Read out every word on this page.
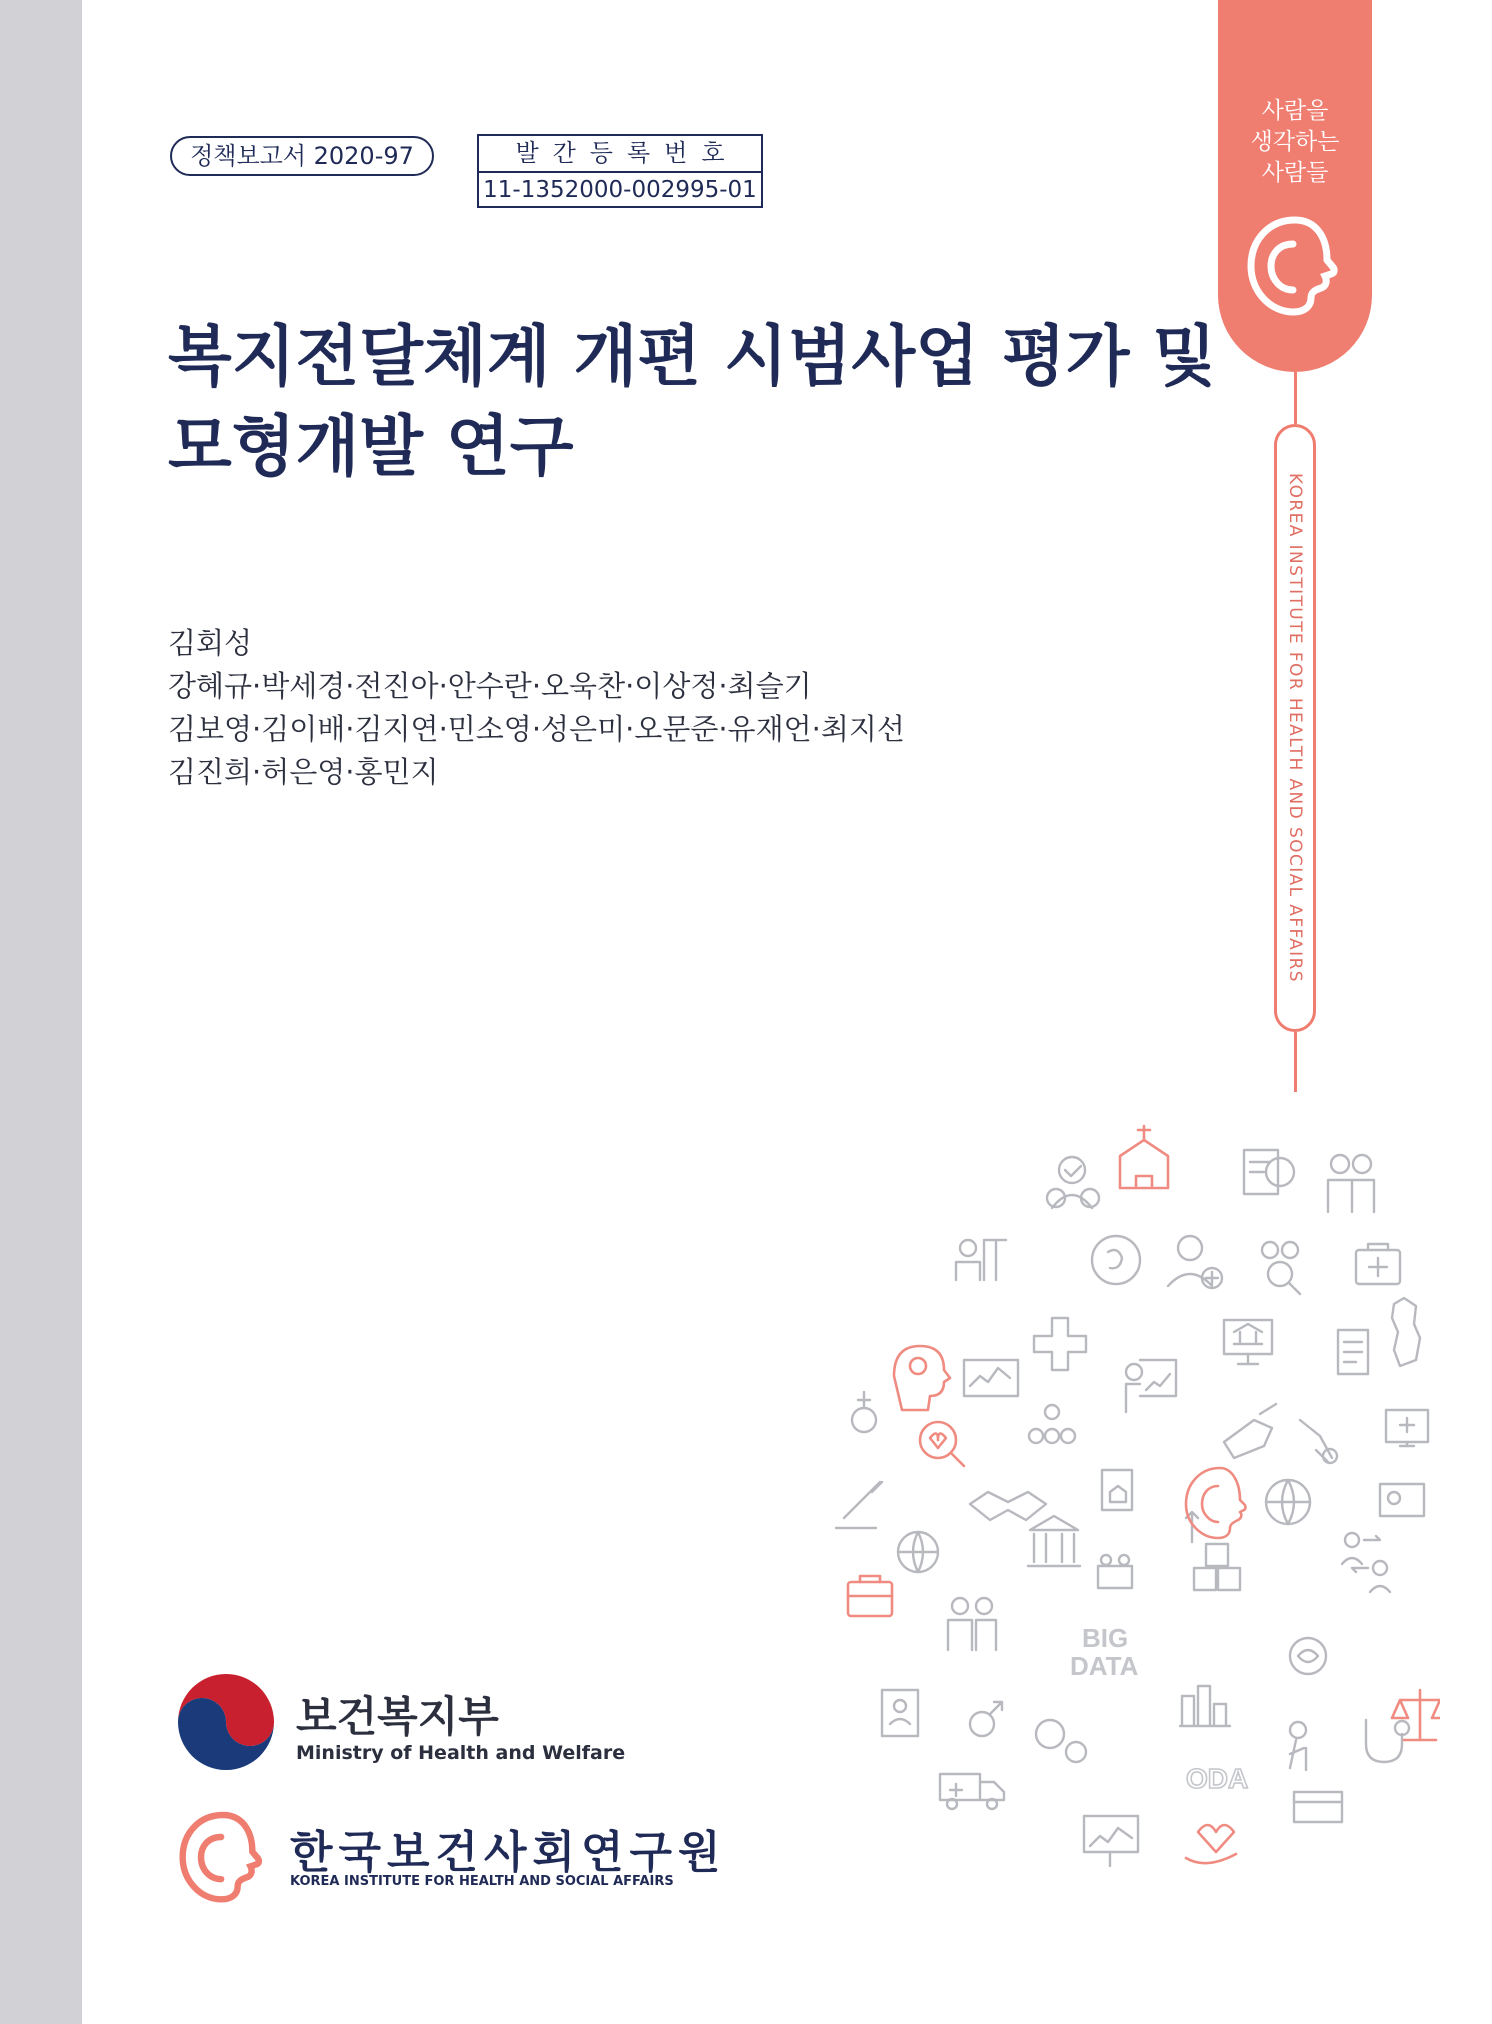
정책보고서 2020-97	발간등록번호
11-1352000-002995-01
복지전달체계 개편 시범사업 평가 및
모형개발 연구
김회성
강혜규·박세경·전진아·안수란·오욱찬·이상정·최슬기
김보영·김이배·김지연·민소영·성은미·오문준·유재언·최지선
김진희·허은영·홍민지
사람을
생각하는
사람들
KOREA INSTITUTE FOR HEALTH AND SOCIAL AFFAIRS
BIG
DATA
ODA
보건복지부
Ministry of Health and Welfare
한국보건사회연구원
KOREA INSTITUTE FOR HEALTH AND SOCIAL AFFAIRS
